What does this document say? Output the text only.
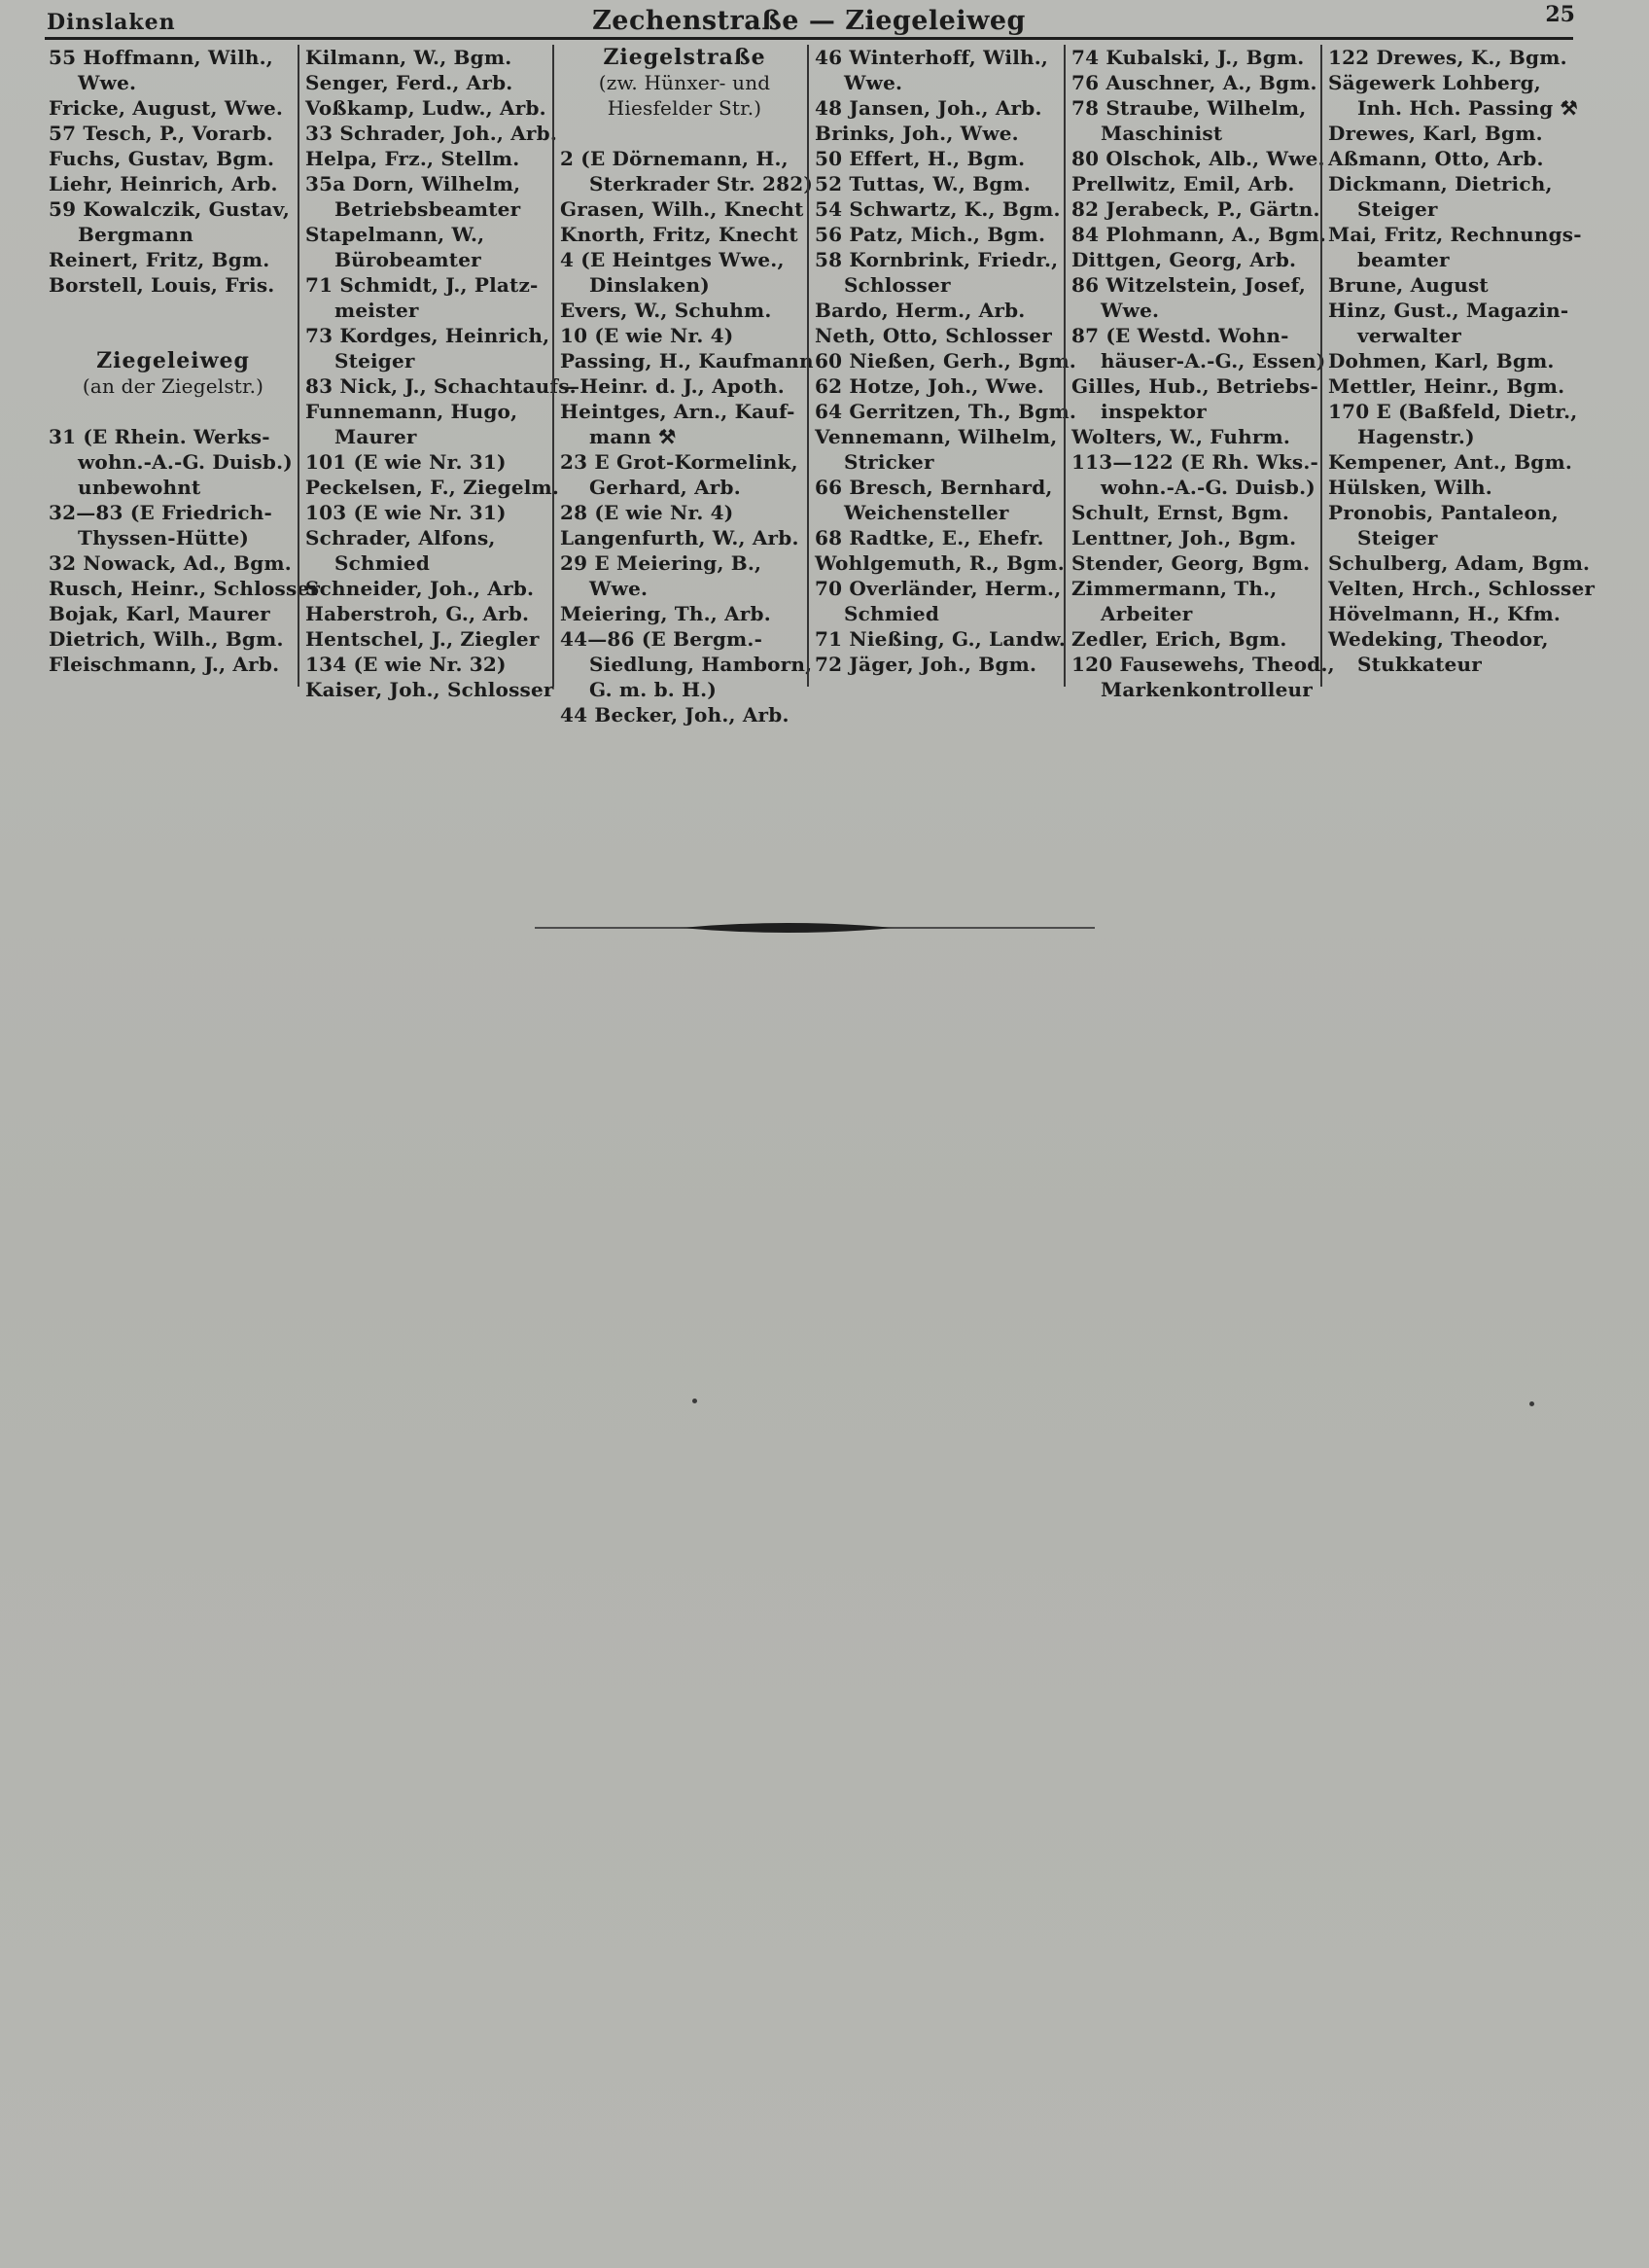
Dinslaken	Zechenstraße — Ziegeleiweg	25
55 Hoffmann, Wilh.,
Wwe.
Fricke, August, Wwe.
57 Tesch, P., Vorarb.
Fuchs, Gustav, Bgm.
Liehr, Heinrich, Arb.
59 Kowalczik, Gustav,
Bergmann
Reinert, Fritz, Bgm.
Borstell, Louis, Fris.
Ziegeleiweg
(an der Ziegelstr.)
31 (E Rhein. Werks-
wohn.-A.-G. Duisb.)
unbewohnt
32—83 (E Friedrich-
Thyssen-Hütte)
32 Nowack, Ad., Bgm.
Rusch, Heinr., Schlosser
Bojak, Karl, Maurer
Dietrich, Wilh., Bgm.
Fleischmann, J., Arb.
Kilmann, W., Bgm.
Senger, Ferd., Arb.
Voßkamp, Ludw., Arb.
33 Schrader, Joh., Arb.
Helpa, Frz., Stellm.
35a Dorn, Wilhelm,
Betriebsbeamter
Stapelmann, W.,
Bürobeamter
71 Schmidt, J., Platz-
meister
73 Kordges, Heinrich,
Steiger
83 Nick, J., Schachtaufs.
Funnemann, Hugo,
Maurer
101 (E wie Nr. 31)
Peckelsen, F., Ziegelm.
103 (E wie Nr. 31)
Schrader, Alfons,
Schmied
Schneider, Joh., Arb.
Haberstroh, G., Arb.
Hentschel, J., Ziegler
134 (E wie Nr. 32)
Kaiser, Joh., Schlosser
Ziegelstraße
(zw. Hünxer- und
Hiesfelder Str.)
2 (E Dörnemann, H.,
Sterkrader Str. 282)
Grasen, Wilh., Knecht
Knorth, Fritz, Knecht
4 (E Heintges Wwe.,
Dinslaken)
Evers, W., Schuhm.
10 (E wie Nr. 4)
Passing, H., Kaufmann
—Heinr. d. J., Apoth.
Heintges, Arn., Kauf-
mann ⚒
23 E Grot-Kormelink,
Gerhard, Arb.
28 (E wie Nr. 4)
Langenfurth, W., Arb.
29 E Meiering, B.,
Wwe.
Meiering, Th., Arb.
44—86 (E Bergm.-
Siedlung, Hamborn,
G. m. b. H.)
44 Becker, Joh., Arb.
46 Winterhoff, Wilh.,
Wwe.
48 Jansen, Joh., Arb.
Brinks, Joh., Wwe.
50 Effert, H., Bgm.
52 Tuttas, W., Bgm.
54 Schwartz, K., Bgm.
56 Patz, Mich., Bgm.
58 Kornbrink, Friedr.,
Schlosser
Bardo, Herm., Arb.
Neth, Otto, Schlosser
60 Nießen, Gerh., Bgm.
62 Hotze, Joh., Wwe.
64 Gerritzen, Th., Bgm.
Vennemann, Wilhelm,
Stricker
66 Bresch, Bernhard,
Weichensteller
68 Radtke, E., Ehefr.
Wohlgemuth, R., Bgm.
70 Overländer, Herm.,
Schmied
71 Nießing, G., Landw.
72 Jäger, Joh., Bgm.
74 Kubalski, J., Bgm.
76 Auschner, A., Bgm.
78 Straube, Wilhelm,
Maschinist
80 Olschok, Alb., Wwe.
Prellwitz, Emil, Arb.
82 Jerabeck, P., Gärtn.
84 Plohmann, A., Bgm.
Dittgen, Georg, Arb.
86 Witzelstein, Josef,
Wwe.
87 (E Westd. Wohn-
häuser-A.-G., Essen)
Gilles, Hub., Betriebs-
inspektor
Wolters, W., Fuhrm.
113—122 (E Rh. Wks.-
wohn.-A.-G. Duisb.)
Schult, Ernst, Bgm.
Lenttner, Joh., Bgm.
Stender, Georg, Bgm.
Zimmermann, Th.,
Arbeiter
Zedler, Erich, Bgm.
120 Fausewehs, Theod.,
Markenkontrolleur
122 Drewes, K., Bgm.
Sägewerk Lohberg,
Inh. Hch. Passing ⚒
Drewes, Karl, Bgm.
Aßmann, Otto, Arb.
Dickmann, Dietrich,
Steiger
Mai, Fritz, Rechnungs-
beamter
Brune, August
Hinz, Gust., Magazin-
verwalter
Dohmen, Karl, Bgm.
Mettler, Heinr., Bgm.
170 E (Baßfeld, Dietr.,
Hagenstr.)
Kempener, Ant., Bgm.
Hülsken, Wilh.
Pronobis, Pantaleon,
Steiger
Schulberg, Adam, Bgm.
Velten, Hrch., Schlosser
Hövelmann, H., Kfm.
Wedeking, Theodor,
Stukkateur
